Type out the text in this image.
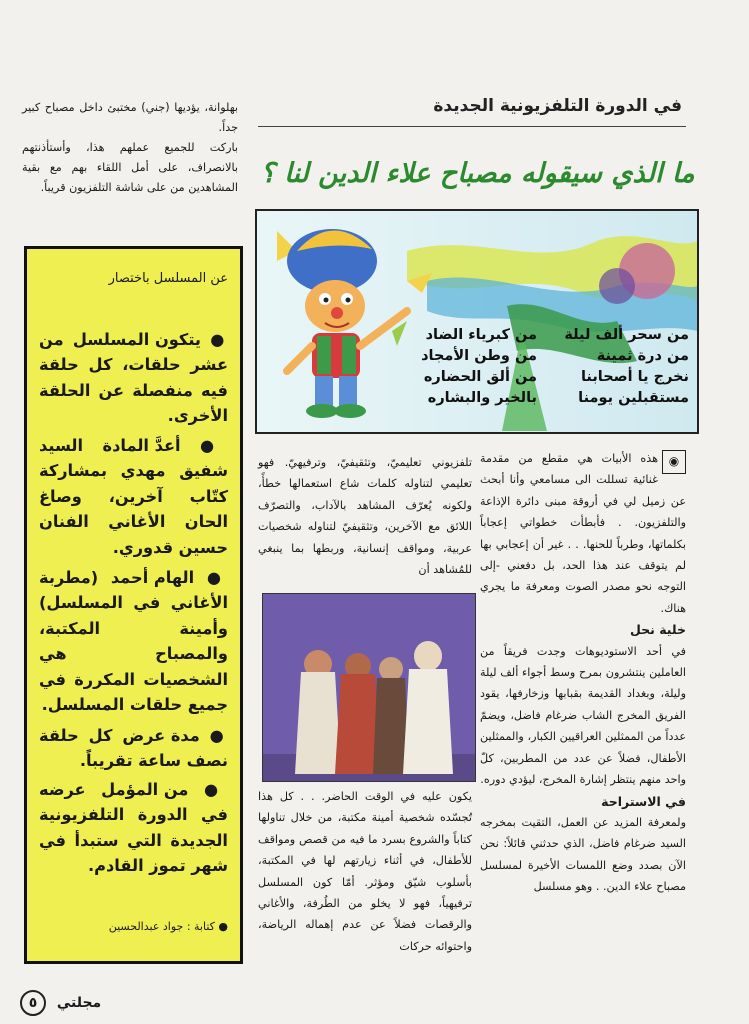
بهلوانة، يؤديها (جني) مختبئ داخل مصباح كبير جداً.
باركت للجميع عملهم هذا، وأستأذنتهم بالانصراف، على أمل اللقاء بهم مع بقية المشاهدين من على شاشة التلفزيون قريباً.
في الدورة التلفزيونية الجديدة
ما الذي سيقوله مصباح علاء الدين لنا ؟
من سحر ألف ليلة
من درة ثمينة
نخرج يا أصحابنا
مستقبلين يومنا
من كبرياء الضاد
من وطن الأمجاد
من ألق الحضاره
بالخير والبشاره
عن المسلسل باختصار
● يتكون المسلسل من عشر حلقات، كل حلقة فيه منفصلة عن الحلقة الأخرى.
● أعدَّ المادة السيد شفيق مهدي بمشاركة كتّاب آخرين، وصاغ الحان الأغاني الفنان حسين قدوري.
● الهام أحمد (مطربة الأغاني في المسلسل) وأمينة المكتبة، والمصباح هي الشخصيات المكررة في جميع حلقات المسلسل.
● مدة عرض كل حلقة نصف ساعة تقريباً.
● من المؤمل عرضه في الدورة التلفزيونية الجديدة التي ستبدأ في شهر تموز القادم.
● كتابة : جواد عبدالحسين
◉
هذه الأبيات هي مقطع من مقدمة غنائية تسللت الى مسامعي وأنا أبحث عن زميل لي في أروقة مبنى دائرة الإذاعة والتلفزيون. . فأبطأت خطواتي إعجاباً بكلماتها، وطرباً للحنها. . . غير أن إعجابي بها لم يتوقف عند هذا الحد، بل دفعني -إلى التوجه نحو مصدر الصوت ومعرفة ما يجري هناك.
خلية نحل
في أحد الاستوديوهات وجدت فريقاً من العاملين ينتشرون بمرح وسط أجواء ألف ليلة وليلة، وبغداد القديمة بقبابها وزخارفها، يقود الفريق المخرج الشاب ضرغام فاضل، ويضمّ عدداً من الممثلين العراقيين الكبار، والممثلين الأطفال، فضلاً عن عدد من المطربين، كلّ واحد منهم ينتظر إشارة المخرج، ليؤدي دوره.
في الاستراحة
ولمعرفة المزيد عن العمل، التقيت بمخرجه السيد ضرغام فاضل، الذي حدثني قائلاً: نحن الآن بصدد وضع اللمسات الأخيرة لمسلسل مصباح علاء الدين. . وهو مسلسل
تلفزيوني تعليميّ، وتثقيفيّ، وترفيهيّ. فهو تعليمي لتناوله كلمات شاع استعمالها خطأً، ولكونه يُعرّف المشاهد بالآداب، والتصرّف اللائق مع الآخرين، وتثقيفيّ لتناوله شخصيات عربية، ومواقف إنسانية، وربطها بما ينبغي للمُشاهد أن
يكون عليه في الوقت الحاضر. . . كل هذا تُجسّده شخصية أمينة مكتبة، من خلال تناولها كتاباً والشروع بسرد ما فيه من قصص ومواقف للأطفال، في أثناء زيارتهم لها في المكتبة، بأسلوب شيّق ومؤثر. أمّا كون المسلسل ترفيهياً، فهو لا يخلو من الطُرفة، والأغاني والرقصات فضلاً عن عدم إهماله الرياضة، واحتوائه حركات
٥ مجلتي
